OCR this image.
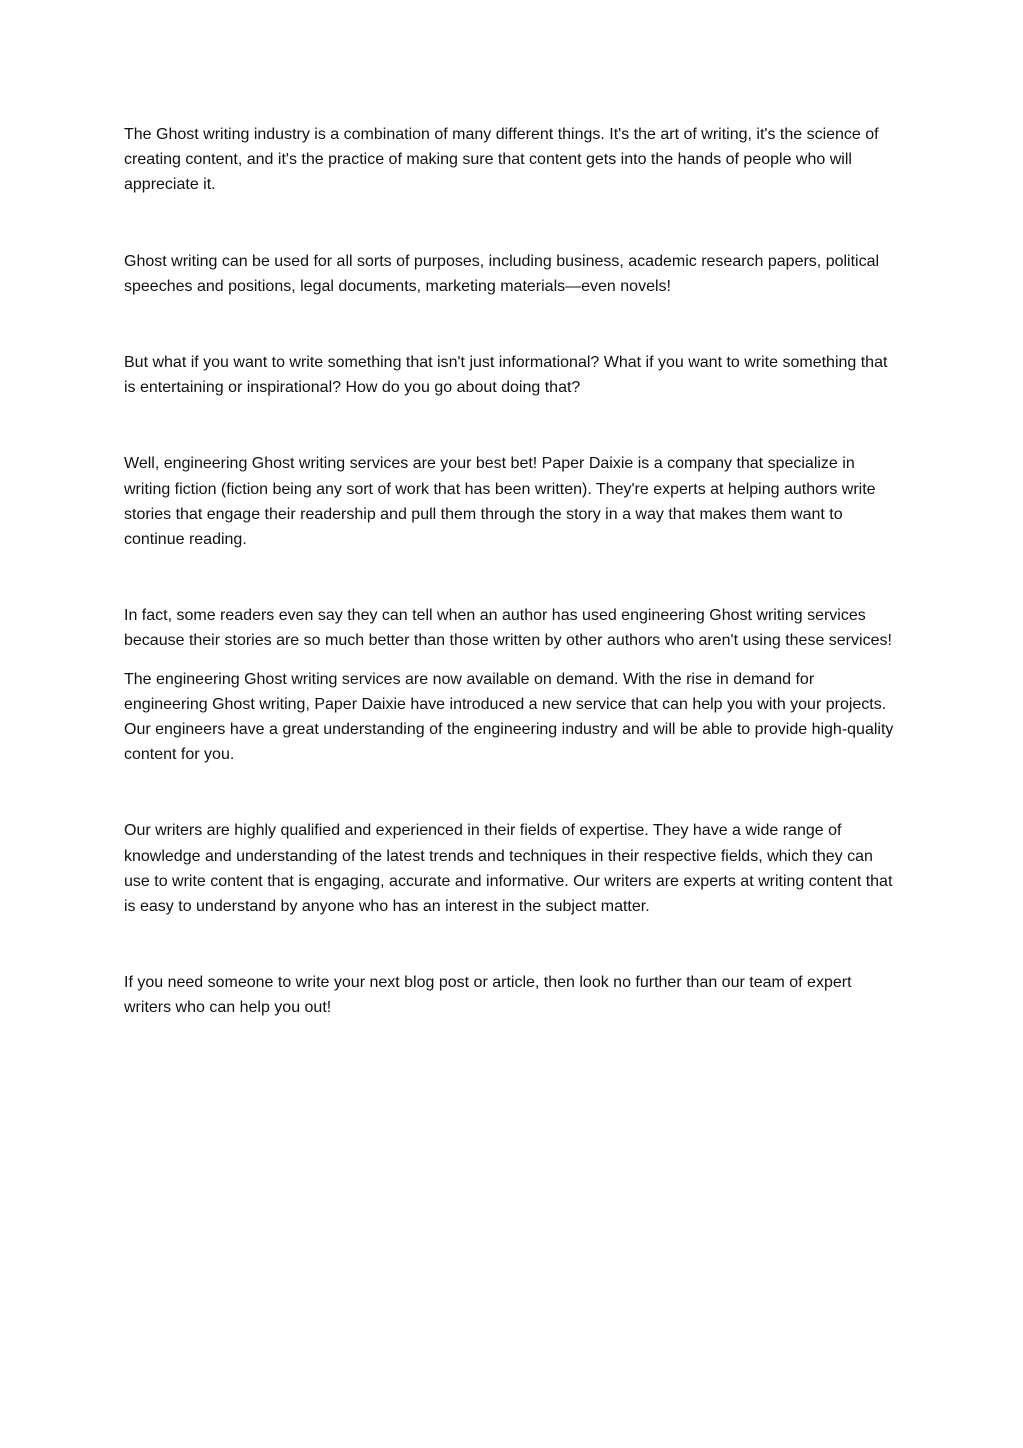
The Ghost writing industry is a combination of many different things. It's the art of writing, it's the science of creating content, and it's the practice of making sure that content gets into the hands of people who will appreciate it.

Ghost writing can be used for all sorts of purposes, including business, academic research papers, political speeches and positions, legal documents, marketing materials—even novels!

But what if you want to write something that isn't just informational? What if you want to write something that is entertaining or inspirational? How do you go about doing that?

Well, engineering Ghost writing services are your best bet! Paper Daixie is a company that specialize in writing fiction (fiction being any sort of work that has been written). They're experts at helping authors write stories that engage their readership and pull them through the story in a way that makes them want to continue reading.

In fact, some readers even say they can tell when an author has used engineering Ghost writing services because their stories are so much better than those written by other authors who aren't using these services!

The engineering Ghost writing services are now available on demand. With the rise in demand for engineering Ghost writing, Paper Daixie have introduced a new service that can help you with your projects. Our engineers have a great understanding of the engineering industry and will be able to provide high-quality content for you.

Our writers are highly qualified and experienced in their fields of expertise. They have a wide range of knowledge and understanding of the latest trends and techniques in their respective fields, which they can use to write content that is engaging, accurate and informative. Our writers are experts at writing content that is easy to understand by anyone who has an interest in the subject matter.

If you need someone to write your next blog post or article, then look no further than our team of expert writers who can help you out!
